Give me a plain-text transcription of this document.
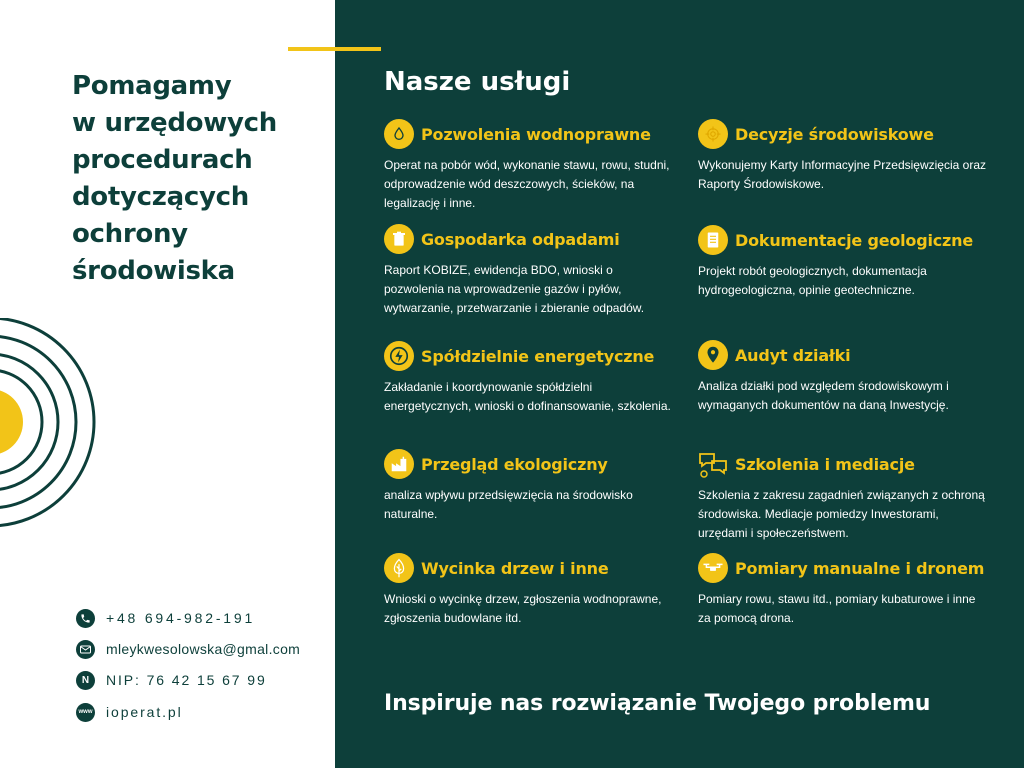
Pomagamy
w urzędowych
procedurach
dotyczących
ochrony
środowiska
+48 694-982-191
mleykwesolowska@gmal.com
N	NIP: 76 42 15 67 99
www ioperat.pl
Nasze usługi
Pozwolenia wodnoprawne
Operat na pobór wód, wykonanie stawu, rowu, studni, odprowadzenie wód deszczowych, ścieków, na legalizację i inne.
Decyzje środowiskowe
Wykonujemy Karty Informacyjne Przedsięwzięcia oraz Raporty Środowiskowe.
Gospodarka odpadami
Raport KOBIZE, ewidencja BDO, wnioski o pozwolenia na wprowadzenie gazów i pyłów, wytwarzanie, przetwarzanie i zbieranie odpadów.
Dokumentacje geologiczne
Projekt robót geologicznych, dokumentacja hydrogeologiczna, opinie geotechniczne.
Spółdzielnie energetyczne
Zakładanie i koordynowanie spółdzielni energetycznych, wnioski o dofinansowanie, szkolenia.
Audyt działki
Analiza działki pod względem środowiskowym i wymaganych dokumentów na daną Inwestycję.
Przegląd ekologiczny
analiza wpływu przedsięwzięcia na środowisko naturalne.
Szkolenia i mediacje
Szkolenia z zakresu zagadnień związanych z ochroną środowiska. Mediacje pomiedzy Inwestorami, urzędami i społeczeństwem.
Wycinka drzew i inne
Wnioski o wycinkę drzew, zgłoszenia wodnoprawne, zgłoszenia budowlane itd.
Pomiary manualne i dronem
Pomiary rowu, stawu itd., pomiary kubaturowe i inne za pomocą drona.
Inspiruje nas rozwiązanie Twojego problemu
